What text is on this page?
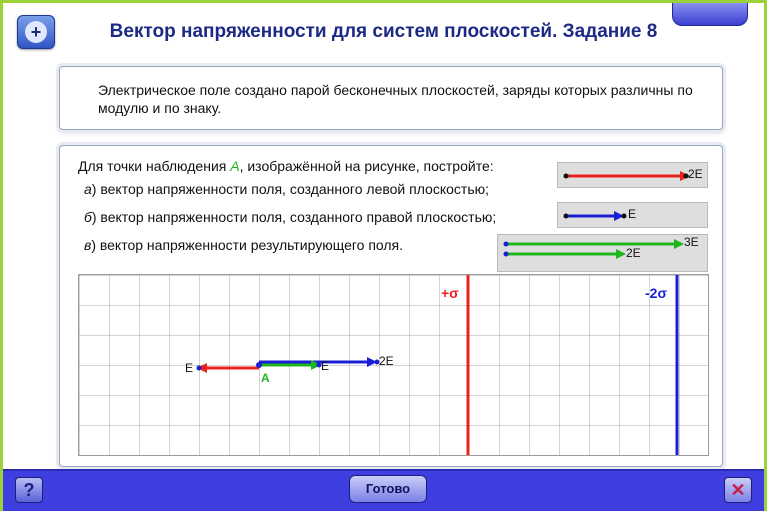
+	Вектор напряженности для систем плоскостей. Задание 8
Электрическое поле создано парой бесконечных плоскостей, заряды которых различны по модулю и по знаку.
Для точки наблюдения А, изображённой на рисунке, постройте:
а) вектор напряженности поля, созданного левой плоскостью;
б) вектор напряженности поля, созданного правой плоскостью;
в) вектор напряженности результирующего поля.
2E
E
3E
2E
+σ	-2σ
E	E	2E
A
?	Готово	✕
